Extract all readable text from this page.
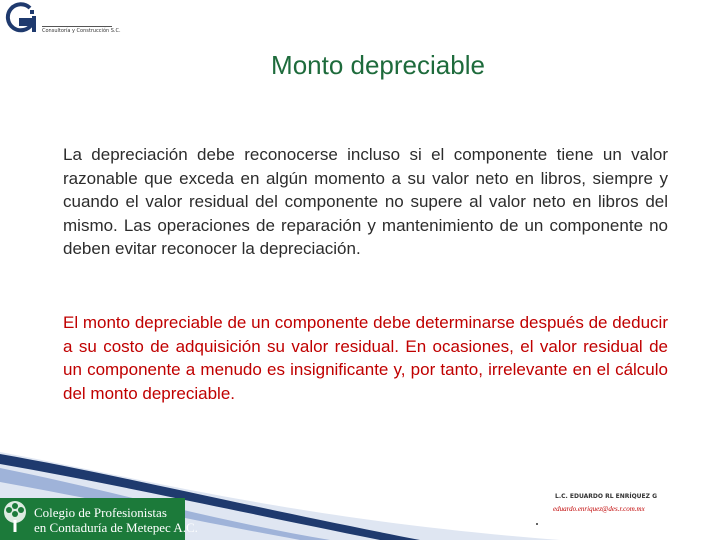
Consultoría y Construcción S.C.
Monto depreciable

La depreciación debe reconocerse incluso si el componente tiene un valor razonable que exceda en algún momento a su valor neto en libros, siempre y cuando el valor residual del componente no supere al valor neto en libros del mismo. Las operaciones de reparación y mantenimiento de un componente no deben evitar reconocer la depreciación.

El monto depreciable de un componente debe determinarse después de deducir a su costo de adquisición su valor residual. En ocasiones, el valor residual de un componente a menudo es insignificante y, por tanto, irrelevante en el cálculo del monto depreciable.

Colegio de Profesionistas
en Contaduría de Metepec A.C.
L.C. EDUARDO RL ENRÍQUEZ G
eduardo.enriquez@des.r.com.mx
